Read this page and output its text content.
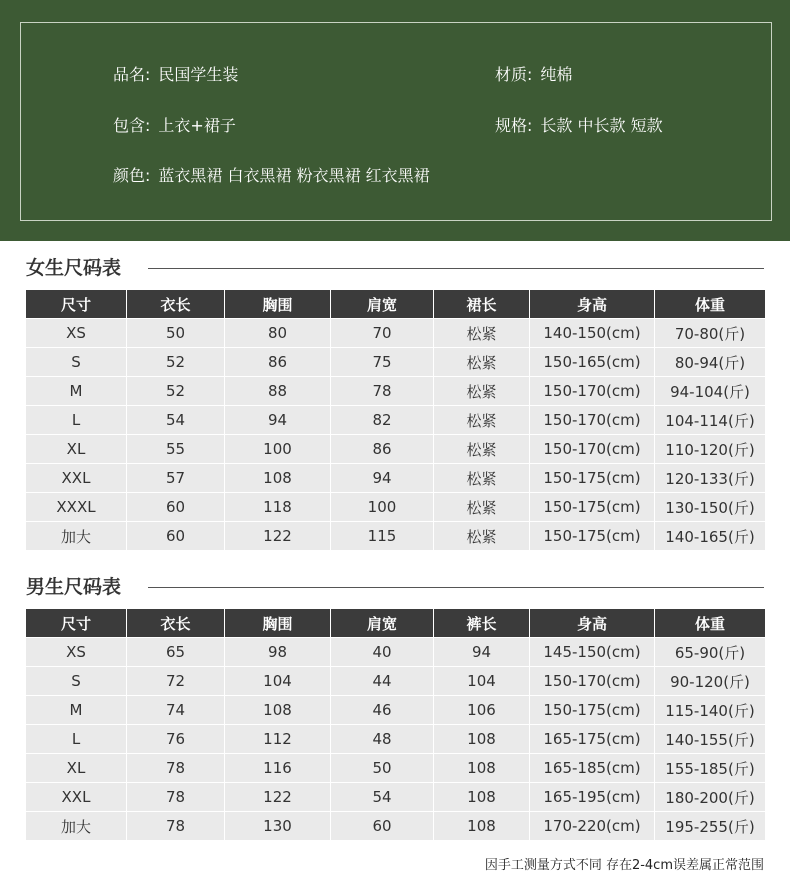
品名: 民国学生装	材质: 纯棉
包含: 上衣+裙子	规格: 长款 中长款 短款
颜色: 蓝衣黑裙 白衣黑裙 粉衣黑裙 红衣黑裙
女生尺码表
尺寸	衣长	胸围	肩宽	裙长	身高	体重
XS	50	80	70	松紧	140-150(cm)	70-80(斤)
S	52	86	75	松紧	150-165(cm)	80-94(斤)
M	52	88	78	松紧	150-170(cm)	94-104(斤)
L	54	94	82	松紧	150-170(cm)	104-114(斤)
XL	55	100	86	松紧	150-170(cm)	110-120(斤)
XXL	57	108	94	松紧	150-175(cm)	120-133(斤)
XXXL	60	118	100	松紧	150-175(cm)	130-150(斤)
加大	60	122	115	松紧	150-175(cm)	140-165(斤)
男生尺码表
尺寸	衣长	胸围	肩宽	裤长	身高	体重
XS	65	98	40	94	145-150(cm)	65-90(斤)
S	72	104	44	104	150-170(cm)	90-120(斤)
M	74	108	46	106	150-175(cm)	115-140(斤)
L	76	112	48	108	165-175(cm)	140-155(斤)
XL	78	116	50	108	165-185(cm)	155-185(斤)
XXL	78	122	54	108	165-195(cm)	180-200(斤)
加大	78	130	60	108	170-220(cm)	195-255(斤)
因手工测量方式不同 存在2-4cm误差属正常范围
